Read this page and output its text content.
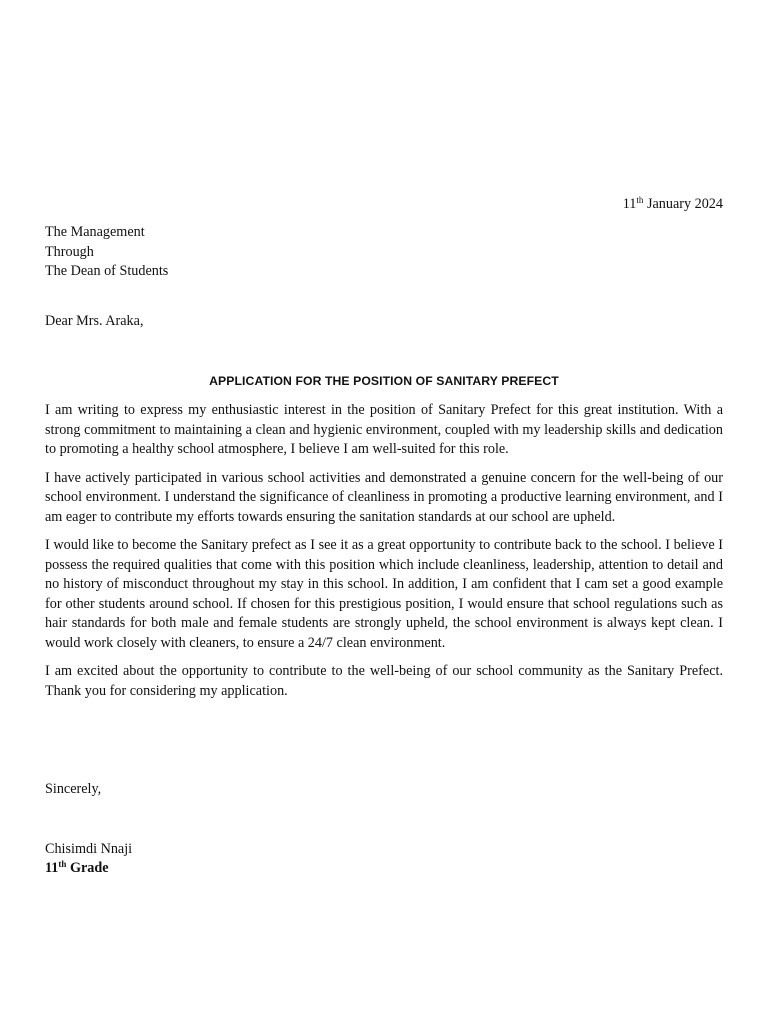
11th January 2024
The Management
Through
The Dean of Students
Dear Mrs. Araka,
APPLICATION FOR THE POSITION OF SANITARY PREFECT

I am writing to express my enthusiastic interest in the position of Sanitary Prefect for this great institution. With a strong commitment to maintaining a clean and hygienic environment, coupled with my leadership skills and dedication to promoting a healthy school atmosphere, I believe I am well-suited for this role.

I have actively participated in various school activities and demonstrated a genuine concern for the well-being of our school environment. I understand the significance of cleanliness in promoting a productive learning environment, and I am eager to contribute my efforts towards ensuring the sanitation standards at our school are upheld.

I would like to become the Sanitary prefect as I see it as a great opportunity to contribute back to the school. I believe I possess the required qualities that come with this position which include cleanliness, leadership, attention to detail and no history of misconduct throughout my stay in this school. In addition, I am confident that I cam set a good example for other students around school. If chosen for this prestigious position, I would ensure that school regulations such as hair standards for both male and female students are strongly upheld, the school environment is always kept clean. I would work closely with cleaners, to ensure a 24/7 clean environment.

I am excited about the opportunity to contribute to the well-being of our school community as the Sanitary Prefect. Thank you for considering my application.

Sincerely,
Chisimdi Nnaji
11th Grade
